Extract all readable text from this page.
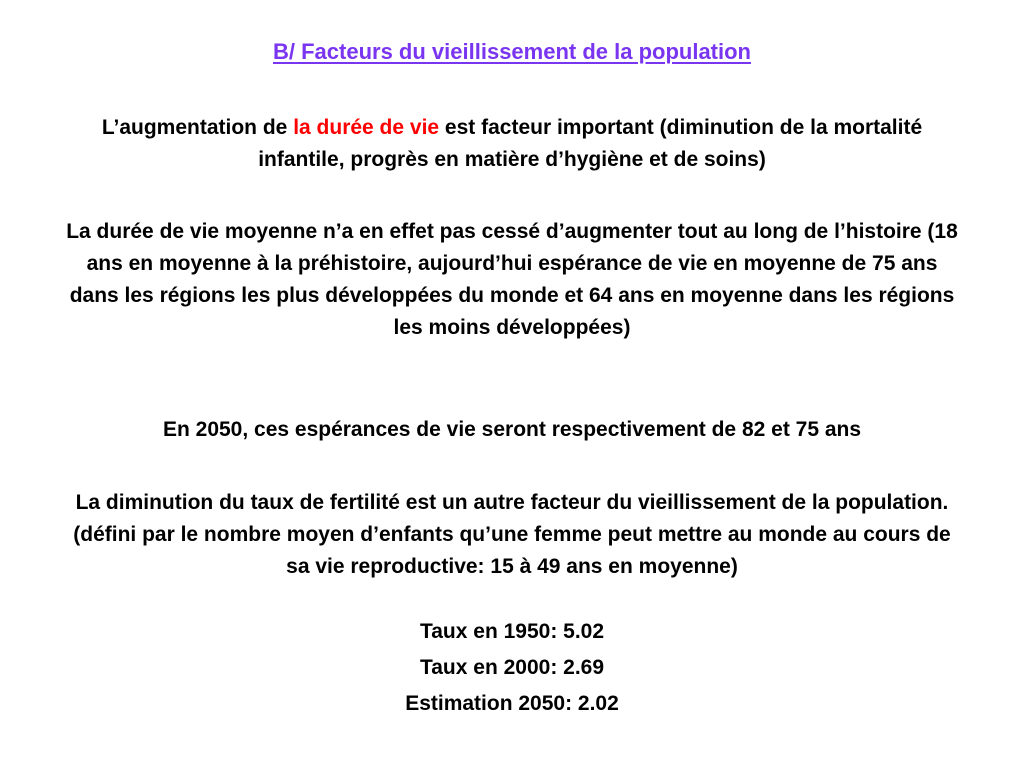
B/ Facteurs du vieillissement de la population
L’augmentation de la durée de vie est facteur important (diminution de la mortalité infantile, progrès en matière d’hygiène et de soins)
La durée de vie moyenne n’a en effet pas cessé d’augmenter tout au long de l’histoire (18 ans en moyenne à la préhistoire, aujourd’hui espérance de vie en moyenne de 75 ans dans les régions les plus développées du monde et 64 ans en moyenne dans les régions les moins développées)
En 2050, ces espérances de vie seront respectivement de 82 et 75 ans
La diminution du taux de fertilité est un autre facteur du vieillissement de la population. (défini par le nombre moyen d’enfants qu’une femme peut mettre au monde au cours de sa vie reproductive: 15 à 49 ans en moyenne)
Taux en 1950: 5.02
Taux en 2000: 2.69
Estimation 2050: 2.02
